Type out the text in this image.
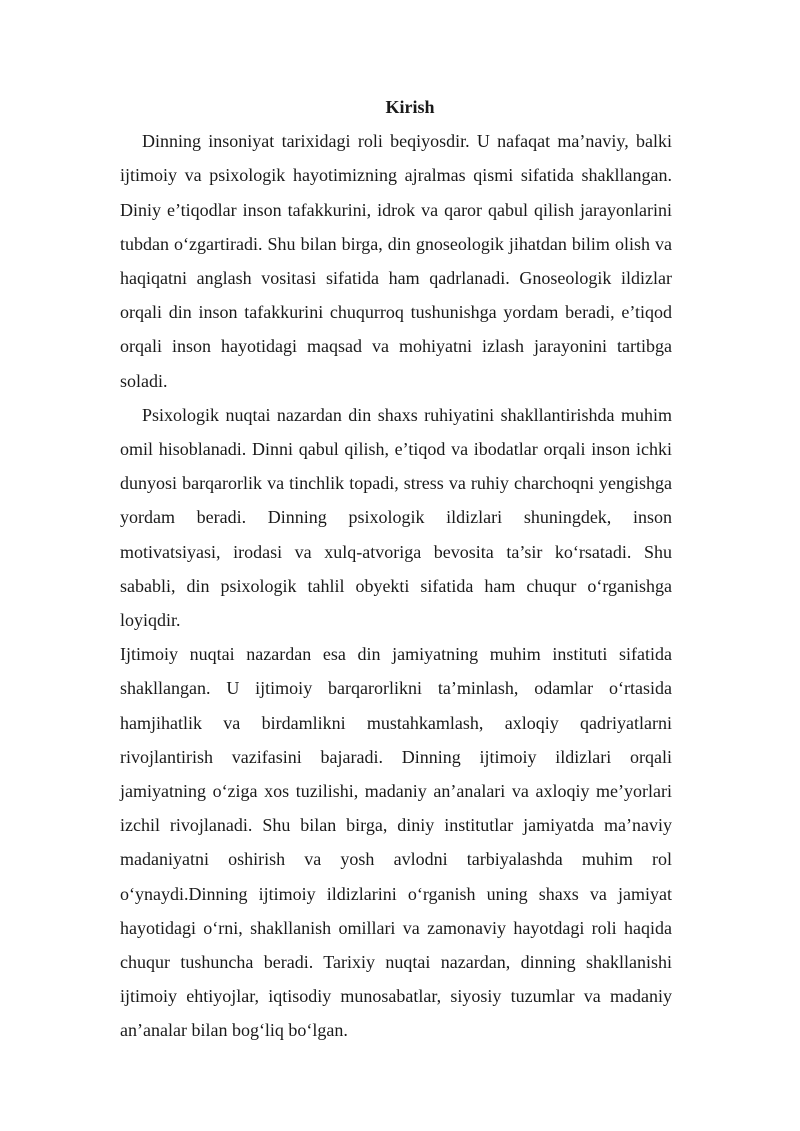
Kirish

Dinning insoniyat tarixidagi roli beqiyosdir. U nafaqat ma’naviy, balki ijtimoiy va psixologik hayotimizning ajralmas qismi sifatida shakllangan. Diniy e’tiqodlar inson tafakkurini, idrok va qaror qabul qilish jarayonlarini tubdan o‘zgartiradi. Shu bilan birga, din gnoseologik jihatdan bilim olish va haqiqatni anglash vositasi sifatida ham qadrlanadi. Gnoseologik ildizlar orqali din inson tafakkurini chuqurroq tushunishga yordam beradi, e’tiqod orqali inson hayotidagi maqsad va mohiyatni izlash jarayonini tartibga soladi.

Psixologik nuqtai nazardan din shaxs ruhiyatini shakllantirishda muhim omil hisoblanadi. Dinni qabul qilish, e’tiqod va ibodatlar orqali inson ichki dunyosi barqarorlik va tinchlik topadi, stress va ruhiy charchoqni yengishga yordam beradi. Dinning psixologik ildizlari shuningdek, inson motivatsiyasi, irodasi va xulq-atvoriga bevosita ta’sir ko‘rsatadi. Shu sababli, din psixologik tahlil obyekti sifatida ham chuqur o‘rganishga loyiqdir.

Ijtimoiy nuqtai nazardan esa din jamiyatning muhim instituti sifatida shakllangan. U ijtimoiy barqarorlikni ta’minlash, odamlar o‘rtasida hamjihatlik va birdamlikni mustahkamlash, axloqiy qadriyatlarni rivojlantirish vazifasini bajaradi. Dinning ijtimoiy ildizlari orqali jamiyatning o‘ziga xos tuzilishi, madaniy an’analari va axloqiy me’yorlari izchil rivojlanadi. Shu bilan birga, diniy institutlar jamiyatda ma’naviy madaniyatni oshirish va yosh avlodni tarbiyalashda muhim rol o‘ynaydi.Dinning ijtimoiy ildizlarini o‘rganish uning shaxs va jamiyat hayotidagi o‘rni, shakllanish omillari va zamonaviy hayotdagi roli haqida chuqur tushuncha beradi. Tarixiy nuqtai nazardan, dinning shakllanishi ijtimoiy ehtiyojlar, iqtisodiy munosabatlar, siyosiy tuzumlar va madaniy an’analar bilan bog‘liq bo‘lgan.
